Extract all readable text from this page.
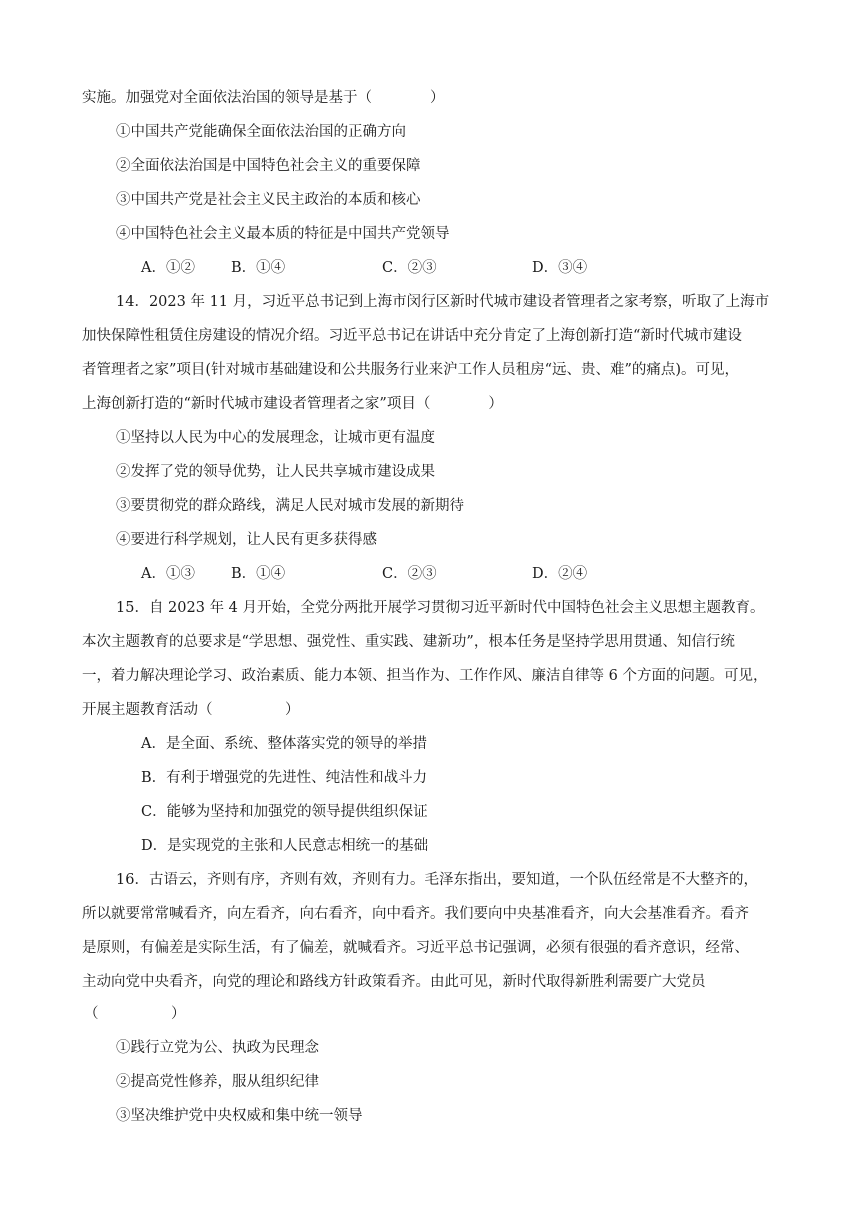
实施。加强党对全面依法治国的领导是基于（　　　　）
①中国共产党能确保全面依法治国的正确方向
②全面依法治国是中国特色社会主义的重要保障
③中国共产党是社会主义民主政治的本质和核心
④中国特色社会主义最本质的特征是中国共产党领导
A．①② B．①④	C．②③	D．③④
14．2023 年 11 月，习近平总书记到上海市闵行区新时代城市建设者管理者之家考察，听取了上海市
加快保障性租赁住房建设的情况介绍。习近平总书记在讲话中充分肯定了上海创新打造“新时代城市建设
者管理者之家”项目(针对城市基础建设和公共服务行业来沪工作人员租房“远、贵、难”的痛点)。可见，
上海创新打造的“新时代城市建设者管理者之家”项目（　　　　）
①坚持以人民为中心的发展理念，让城市更有温度
②发挥了党的领导优势，让人民共享城市建设成果
③要贯彻党的群众路线，满足人民对城市发展的新期待
④要进行科学规划，让人民有更多获得感
A．①③ B．①④	C．②③	D．②④
15．自 2023 年 4 月开始，全党分两批开展学习贯彻习近平新时代中国特色社会主义思想主题教育。
本次主题教育的总要求是“学思想、强党性、重实践、建新功”，根本任务是坚持学思用贯通、知信行统
一，着力解决理论学习、政治素质、能力本领、担当作为、工作作风、廉洁自律等 6 个方面的问题。可见，
开展主题教育活动（　　　　　）
A．是全面、系统、整体落实党的领导的举措
B．有利于增强党的先进性、纯洁性和战斗力
C．能够为坚持和加强党的领导提供组织保证
D．是实现党的主张和人民意志相统一的基础
16．古语云，齐则有序，齐则有效，齐则有力。毛泽东指出，要知道，一个队伍经常是不大整齐的，
所以就要常常喊看齐，向左看齐，向右看齐，向中看齐。我们要向中央基准看齐，向大会基准看齐。看齐
是原则，有偏差是实际生活，有了偏差，就喊看齐。习近平总书记强调，必须有很强的看齐意识，经常、
主动向党中央看齐，向党的理论和路线方针政策看齐。由此可见，新时代取得新胜利需要广大党员
（　　　　　）
①践行立党为公、执政为民理念
②提高党性修养，服从组织纪律
③坚决维护党中央权威和集中统一领导
